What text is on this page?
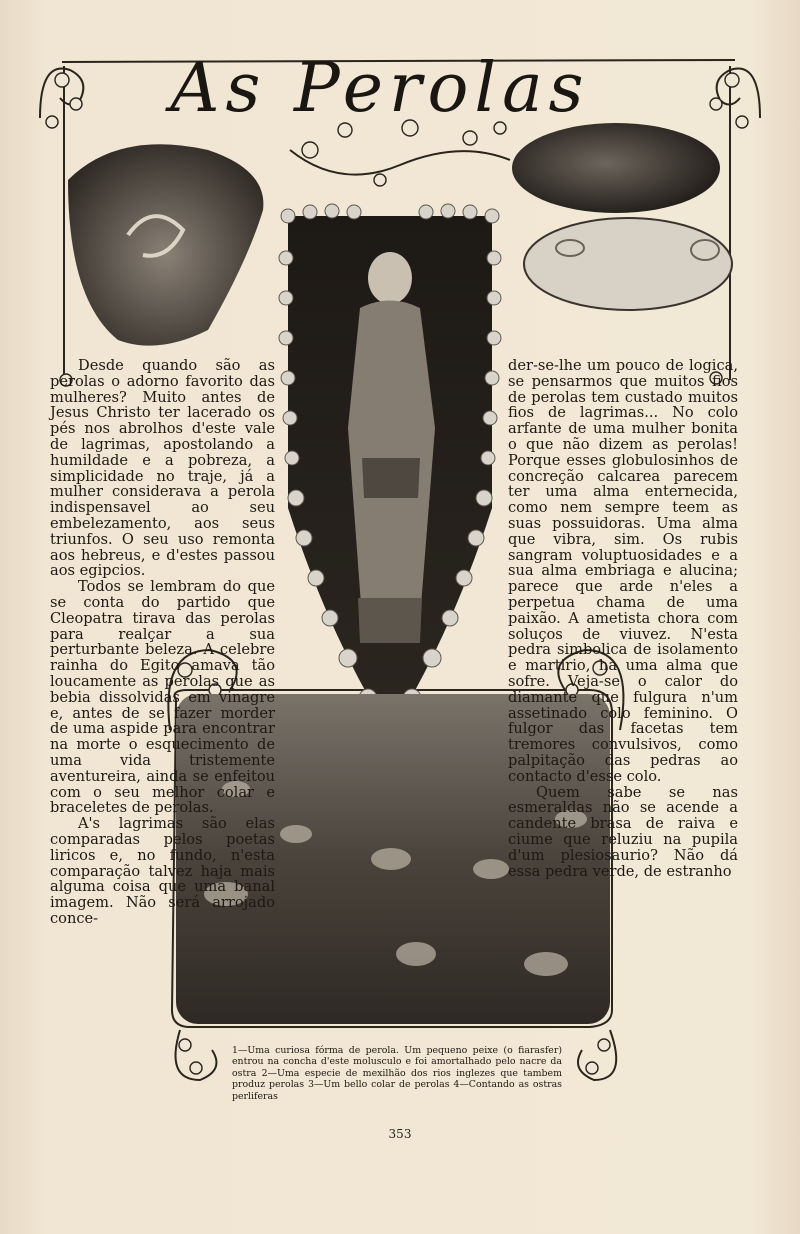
As Perolas

Desde quando são as perolas o adorno favorito das mulheres? Muito antes de Jesus Christo ter lacerado os pés nos abrolhos d'este vale de lagrimas, apostolando a humildade e a pobreza, a simplicidade no traje, já a mulher considerava a perola indispensavel ao seu embelezamento, aos seus triunfos. O seu uso remonta aos hebreus, e d'estes passou aos egipcios.

Todos se lembram do que se conta do partido que Cleopatra tirava das perolas para realçar a sua perturbante beleza. A celebre rainha do Egito amava tão loucamente as perolas que as bebia dissolvidas em vinagre e, antes de se fazer morder de uma aspide para encontrar na morte o esquecimento de uma vida tristemente aventureira, ainda se enfeitou com o seu melhor colar e braceletes de perolas.

A's lagrimas são elas comparadas pelos poetas liricos e, no fundo, n'esta comparação talvez haja mais alguma coisa que uma banal imagem. Não será arrojado conce-

der-se-lhe um pouco de logica, se pensarmos que muitos fios de perolas tem custado muitos fios de lagrimas... No colo arfante de uma mulher bonita o que não dizem as perolas! Porque esses globulosinhos de concreção calcarea parecem ter uma alma enternecida, como nem sempre teem as suas possuidoras. Uma alma que vibra, sim. Os rubis sangram voluptuosidades e a sua alma embriaga e alucina; parece que arde n'eles a perpetua chama de uma paixão. A ametista chora com soluços de viuvez. N'esta pedra simbolica de isolamento e martirio, ha uma alma que sofre. Veja-se o calor do diamante que fulgura n'um assetinado colo feminino. O fulgor das facetas tem tremores convulsivos, como palpitação das pedras ao contacto d'esse colo.

Quem sabe se nas esmeraldas não se acende a candente brasa de raiva e ciume que reluziu na pupila d'um plesiosaurio? Não dá essa pedra verde, de estranho

1—Uma curiosa fórma de perola. Um pequeno peixe (o fiarasfer) entrou na concha d'este molusculo e foi amortalhado pelo nacre da ostra 2—Uma especie de mexilhão dos rios inglezes que tambem produz perolas 3—Um bello colar de perolas 4—Contando as ostras perliferas
353
